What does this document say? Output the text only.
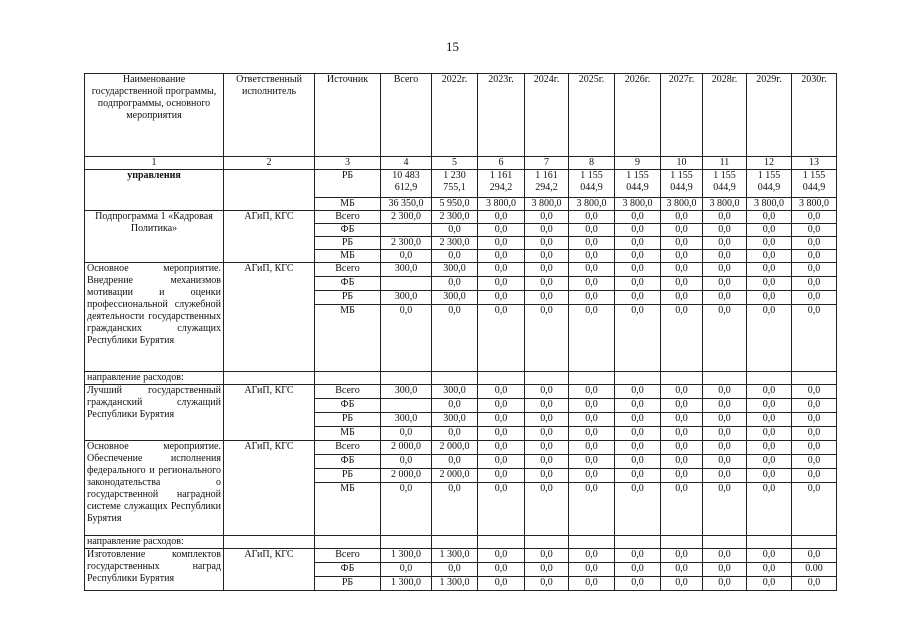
15
Наименование государственной программы, подпрограммы, основного мероприятия	Ответственный исполнитель	Источник	Всего	2022г.	2023г.	2024г.	2025г.	2026г.	2027г.	2028г.	2029г.	2030г.
1	2	3	4	5	6	7	8	9	10	11	12	13
управления		РБ	10 483 612,9	1 230 755,1	1 161 294,2	1 161 294,2	1 155 044,9	1 155 044,9	1 155 044,9	1 155 044,9	1 155 044,9	1 155 044,9
		МБ	36 350,0	5 950,0	3 800,0	3 800,0	3 800,0	3 800,0	3 800,0	3 800,0	3 800,0	3 800,0
Подпрограмма 1 «Кадровая Политика»	АГиП, КГС	Всего	2 300,0	2 300,0	0,0	0,0	0,0	0,0	0,0	0,0	0,0	0,0
		ФБ		0,0	0,0	0,0	0,0	0,0	0,0	0,0	0,0	0,0
		РБ	2 300,0	2 300,0	0,0	0,0	0,0	0,0	0,0	0,0	0,0	0,0
		МБ	0,0	0,0	0,0	0,0	0,0	0,0	0,0	0,0	0,0	0,0
Основное мероприятие. Внедрение механизмов мотивации и оценки профессиональной служебной деятельности государственных гражданских служащих Республики Бурятия	АГиП, КГС	Всего	300,0	300,0	0,0	0,0	0,0	0,0	0,0	0,0	0,0	0,0
		ФБ		0,0	0,0	0,0	0,0	0,0	0,0	0,0	0,0	0,0
		РБ	300,0	300,0	0,0	0,0	0,0	0,0	0,0	0,0	0,0	0,0
		МБ	0,0	0,0	0,0	0,0	0,0	0,0	0,0	0,0	0,0	0,0
направление расходов:												
Лучший государственный гражданский служащий Республики Бурятия	АГиП, КГС	Всего	300,0	300,0	0,0	0,0	0,0	0,0	0,0	0,0	0,0	0,0
		ФБ		0,0	0,0	0,0	0,0	0,0	0,0	0,0	0,0	0,0
		РБ	300,0	300,0	0,0	0,0	0,0	0,0	0,0	0,0	0,0	0,0
		МБ	0,0	0,0	0,0	0,0	0,0	0,0	0,0	0,0	0,0	0,0
Основное мероприятие. Обеспечение исполнения федерального и регионального законодательства о государственной наградной системе служащих Республики Бурятия	АГиП, КГС	Всего	2 000,0	2 000,0	0,0	0,0	0,0	0,0	0,0	0,0	0,0	0,0
		ФБ	0,0	0,0	0,0	0,0	0,0	0,0	0,0	0,0	0,0	0,0
		РБ	2 000,0	2 000,0	0,0	0,0	0,0	0,0	0,0	0,0	0,0	0,0
		МБ	0,0	0,0	0,0	0,0	0,0	0,0	0,0	0,0	0,0	0,0
направление расходов:												
Изготовление комплектов государственных наград Республики Бурятия	АГиП, КГС	Всего	1 300,0	1 300,0	0,0	0,0	0,0	0,0	0,0	0,0	0,0	0,0
		ФБ	0,0	0,0	0,0	0,0	0,0	0,0	0,0	0,0	0,0	0.00
		РБ	1 300,0	1 300,0	0,0	0,0	0,0	0,0	0,0	0,0	0,0	0,0
